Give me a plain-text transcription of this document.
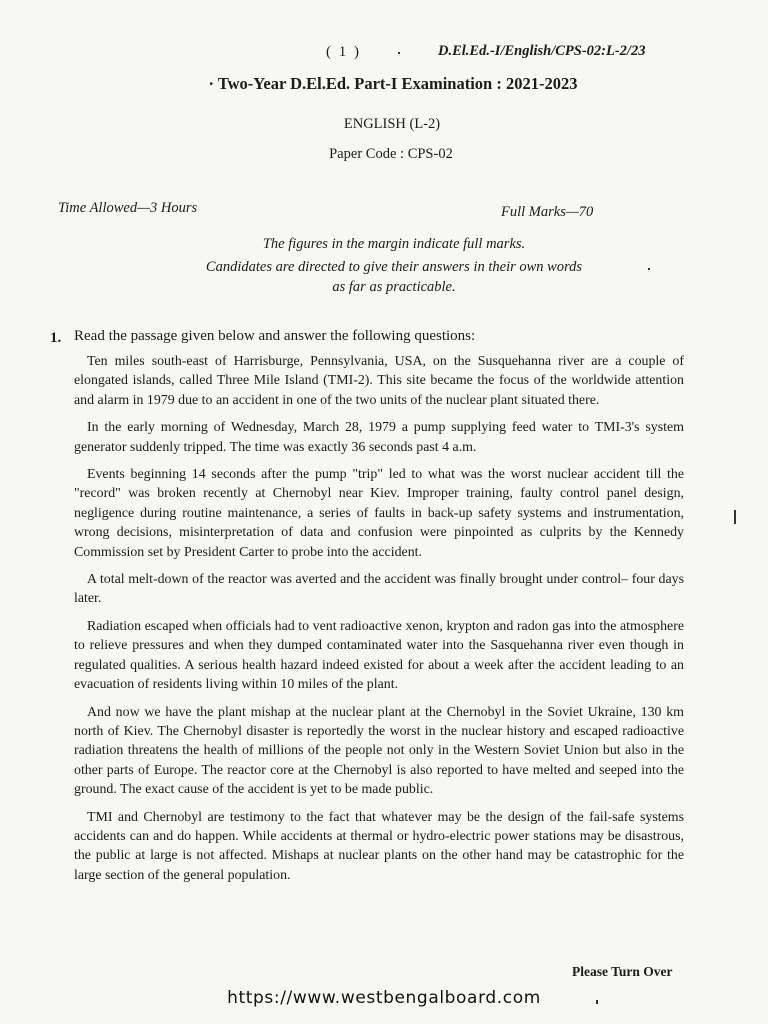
( 1 )	D.El.Ed.-I/English/CPS-02:L-2/23
· Two-Year D.El.Ed. Part-I Examination : 2021-2023
ENGLISH (L-2)
Paper Code : CPS-02
Time Allowed—3 Hours	Full Marks—70
The figures in the margin indicate full marks.
Candidates are directed to give their answers in their own words
as far as practicable.
1. Read the passage given below and answer the following questions:

Ten miles south-east of Harrisburge, Pennsylvania, USA, on the Susquehanna river are a couple of elongated islands, called Three Mile Island (TMI-2). This site became the focus of the worldwide attention and alarm in 1979 due to an accident in one of the two units of the nuclear plant situated there.

In the early morning of Wednesday, March 28, 1979 a pump supplying feed water to TMI-3's system generator suddenly tripped. The time was exactly 36 seconds past 4 a.m.

Events beginning 14 seconds after the pump "trip" led to what was the worst nuclear accident till the "record" was broken recently at Chernobyl near Kiev. Improper training, faulty control panel design, negligence during routine maintenance, a series of faults in back-up safety systems and instrumentation, wrong decisions, misinterpretation of data and confusion were pinpointed as culprits by the Kennedy Commission set by President Carter to probe into the accident.

A total melt-down of the reactor was averted and the accident was finally brought under control– four days later.

Radiation escaped when officials had to vent radioactive xenon, krypton and radon gas into the atmosphere to relieve pressures and when they dumped contaminated water into the Sasquehanna river even though in regulated qualities. A serious health hazard indeed existed for about a week after the accident leading to an evacuation of residents living within 10 miles of the plant.

And now we have the plant mishap at the nuclear plant at the Chernobyl in the Soviet Ukraine, 130 km north of Kiev. The Chernobyl disaster is reportedly the worst in the nuclear history and escaped radioactive radiation threatens the health of millions of the people not only in the Western Soviet Union but also in the other parts of Europe. The reactor core at the Chernobyl is also reported to have melted and seeped into the ground. The exact cause of the accident is yet to be made public.

TMI and Chernobyl are testimony to the fact that whatever may be the design of the fail-safe systems accidents can and do happen. While accidents at thermal or hydro-electric power stations may be disastrous, the public at large is not affected. Mishaps at nuclear plants on the other hand may be catastrophic for the large section of the general population.

Please Turn Over
https://www.westbengalboard.com
